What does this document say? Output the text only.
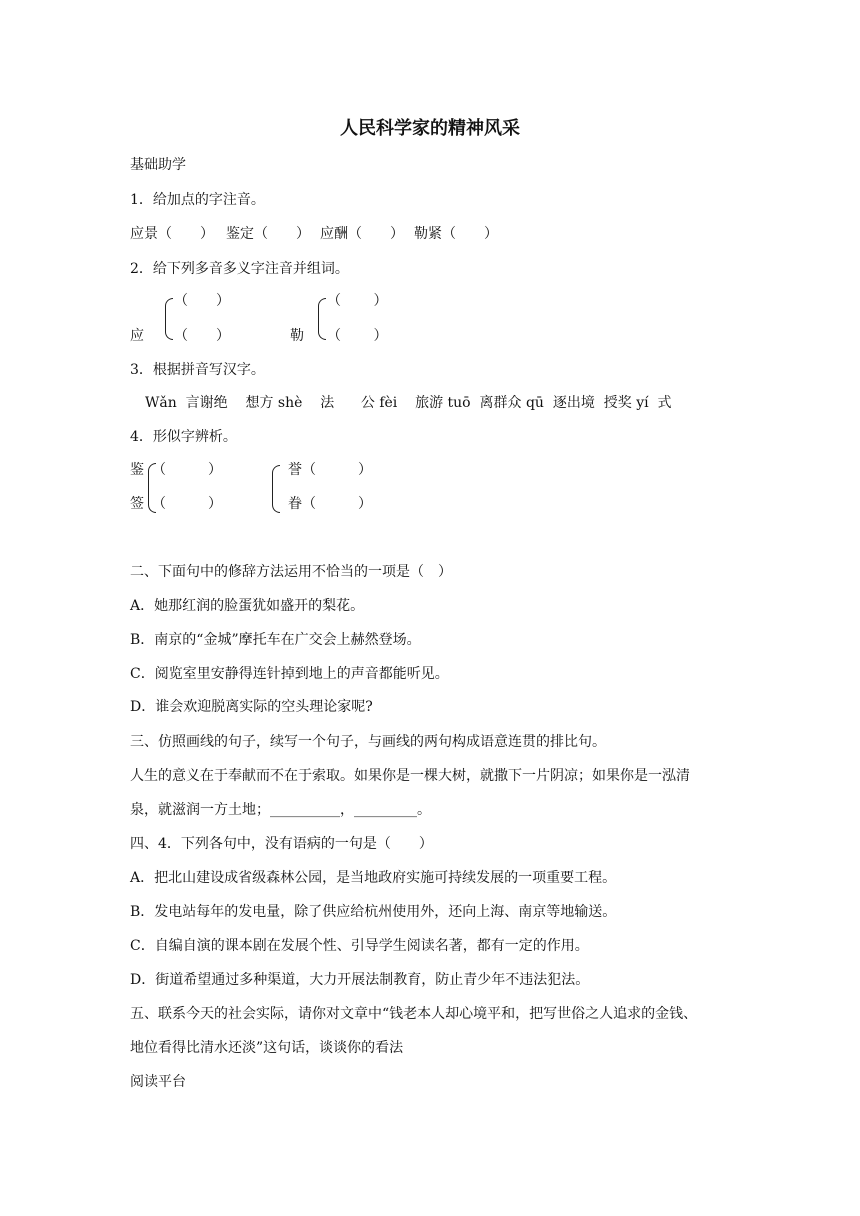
人民科学家的精神风采
基础助学
1．给加点的字注音。
应景（　　） 鉴定（　　） 应酬（　　） 勒紧（　　）
2．给下列多音多义字注音并组词。
（　　）
（　　）
应
（　　 ）
（　　 ）
勒
3．根据拼音写汉字。
Wǎn  言谢绝    想方 shè    法      公 fèi    旅游 tuō  离群众 qū  逐出境  授奖 yí  式
4．形似字辨析。
鉴
签
（　　　）
（　　　）
誉（　　　）
眷（　　　）
二、下面句中的修辞方法运用不恰当的一项是（　）
A．她那红润的脸蛋犹如盛开的梨花。
B．南京的“金城”摩托车在广交会上赫然登场。
C．阅览室里安静得连针掉到地上的声音都能听见。
D．谁会欢迎脱离实际的空头理论家呢?
三、仿照画线的句子，续写一个句子，与画线的两句构成语意连贯的排比句。
人生的意义在于奉献而不在于索取。如果你是一棵大树，就撒下一片阴凉；如果你是一泓清
泉，就滋润一方土地；__________，_________。
四、4．下列各句中，没有语病的一句是（　　）
A．把北山建设成省级森林公园，是当地政府实施可持续发展的一项重要工程。
B．发电站每年的发电量，除了供应给杭州使用外，还向上海、南京等地输送。
C．自编自演的课本剧在发展个性、引导学生阅读名著，都有一定的作用。
D．街道希望通过多种渠道，大力开展法制教育，防止青少年不违法犯法。
五、联系今天的社会实际，请你对文章中“钱老本人却心境平和，把写世俗之人追求的金钱、
地位看得比清水还淡”这句话，谈谈你的看法
阅读平台
